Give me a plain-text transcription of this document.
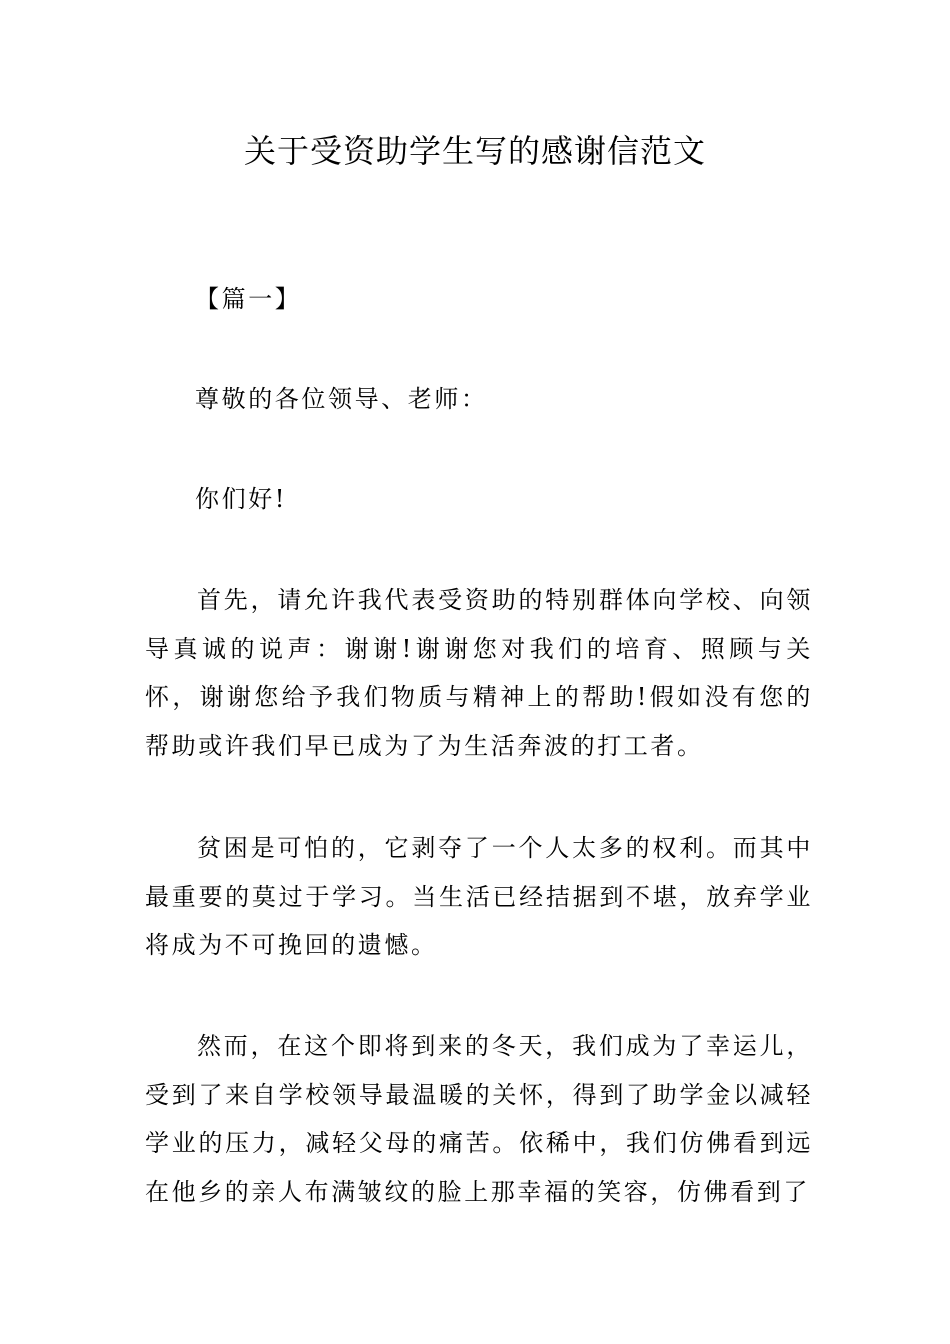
关于受资助学生写的感谢信范文

【篇一】

尊敬的各位领导、老师：

你们好!

首先，请允许我代表受资助的特别群体向学校、向领导真诚的说声：谢谢!谢谢您对我们的培育、照顾与关怀，谢谢您给予我们物质与精神上的帮助!假如没有您的帮助或许我们早已成为了为生活奔波的打工者。

贫困是可怕的，它剥夺了一个人太多的权利。而其中最重要的莫过于学习。当生活已经拮据到不堪，放弃学业将成为不可挽回的遗憾。

然而，在这个即将到来的冬天，我们成为了幸运儿，受到了来自学校领导最温暖的关怀，得到了助学金以减轻学业的压力，减轻父母的痛苦。依稀中，我们仿佛看到远在他乡的亲人布满皱纹的脸上那幸福的笑容，仿佛看到了
